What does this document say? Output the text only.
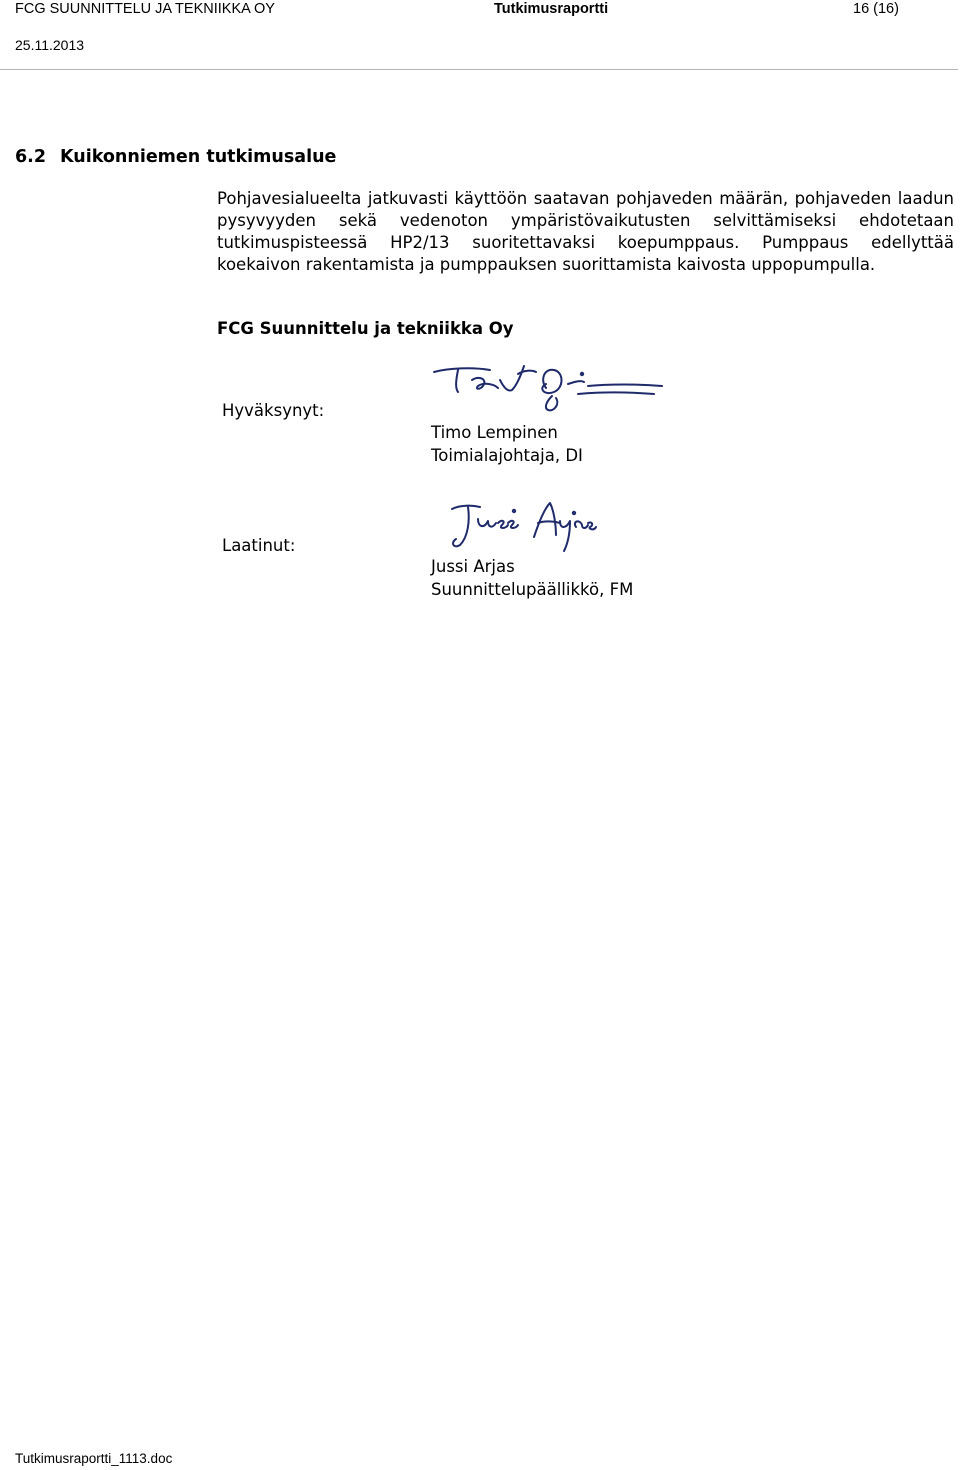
FCG SUUNNITTELU JA TEKNIIKKA OY	Tutkimusraportti	16 (16)
25.11.2013
6.2 Kuikonniemen tutkimusalue
Pohjavesialueelta jatkuvasti käyttöön saatavan pohjaveden määrän, pohjaveden laadun pysyvyyden sekä vedenoton ympäristövaikutusten selvittämiseksi ehdotetaan tutkimuspisteessä HP2/13 suoritettavaksi koepumppaus. Pumppaus edellyttää koekaivon rakentamista ja pumppauksen suorittamista kaivosta uppopumpulla.
FCG Suunnittelu ja tekniikka Oy
Hyväksynyt:
Timo Lempinen
Toimialajohtaja, DI
Laatinut:
Jussi Arjas
Suunnittelupäällikkö, FM
Tutkimusraportti_1113.doc
